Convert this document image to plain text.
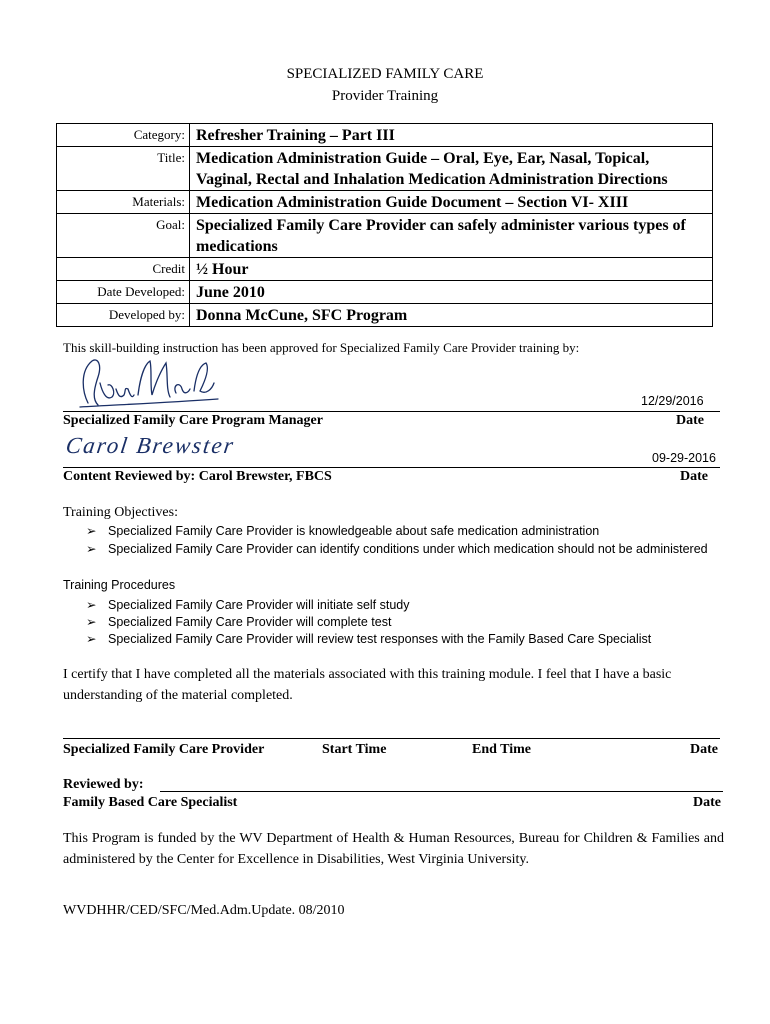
SPECIALIZED FAMILY CARE
Provider Training
Category:	Refresher Training – Part III
Title:	Medication Administration Guide – Oral, Eye, Ear, Nasal, Topical, Vaginal, Rectal and Inhalation Medication Administration Directions
Materials:	Medication Administration Guide Document – Section VI- XIII
Goal:	Specialized Family Care Provider can safely administer various types of medications
Credit	½ Hour
Date Developed:	June 2010
Developed by:	Donna McCune, SFC Program
This skill-building instruction has been approved for Specialized Family Care Provider training by:
12/29/2016
Specialized Family Care Program Manager	Date
Carol Brewster	09-29-2016
Content Reviewed by: Carol Brewster, FBCS	Date
Training Objectives:
➢ Specialized Family Care Provider is knowledgeable about safe medication administration
➢ Specialized Family Care Provider can identify conditions under which medication should not be administered
Training Procedures
➢ Specialized Family Care Provider will initiate self study
➢ Specialized Family Care Provider will complete test
➢ Specialized Family Care Provider will review test responses with the Family Based Care Specialist
I certify that I have completed all the materials associated with this training module. I feel that I have a basic understanding of the material completed.
Specialized Family Care Provider	Start Time	End Time	Date
Reviewed by:
Family Based Care Specialist	Date
This Program is funded by the WV Department of Health & Human Resources, Bureau for Children & Families and administered by the Center for Excellence in Disabilities, West Virginia University.
WVDHHR/CED/SFC/Med.Adm.Update. 08/2010
